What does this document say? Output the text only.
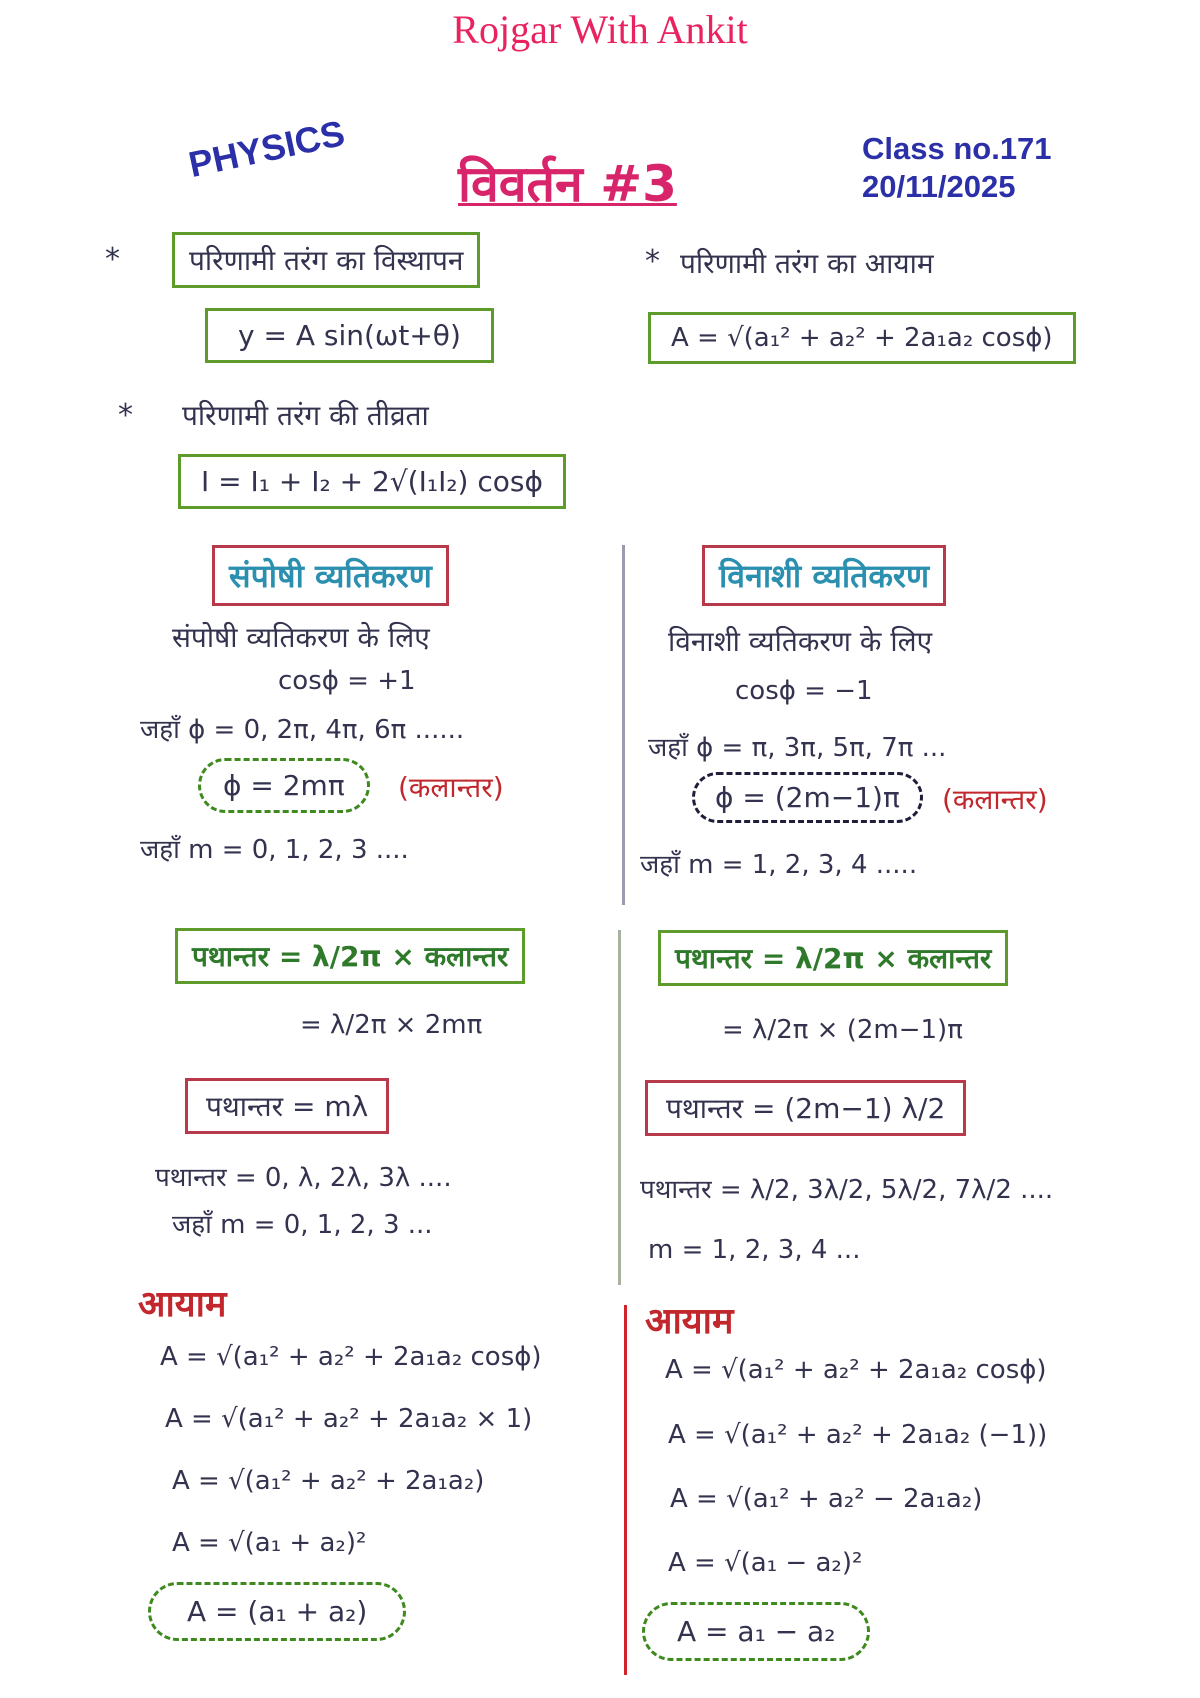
Rojgar With Ankit
PHYSICS विवर्तन #3
Class no.171
20/11/2025
*	परिणामी तरंग का विस्थापन
y = A sin(ωt+θ)
* परिणामी तरंग का आयाम
A = √(a₁² + a₂² + 2a₁a₂ cosϕ)
* परिणामी तरंग की तीव्रता
I = I₁ + I₂ + 2√(I₁I₂) cosϕ
संपोषी व्यतिकरण
संपोषी व्यतिकरण के लिए
cosϕ = +1
जहाँ ϕ = 0, 2π, 4π, 6π ......
ϕ = 2mπ	(कलान्तर)
जहाँ m = 0, 1, 2, 3 ....
पथान्तर = λ/2π × कलान्तर
= λ/2π × 2mπ
पथान्तर = mλ
पथान्तर = 0, λ, 2λ, 3λ ....
जहाँ m = 0, 1, 2, 3 ...
आयाम
A = √(a₁² + a₂² + 2a₁a₂ cosϕ)
A = √(a₁² + a₂² + 2a₁a₂ × 1)
A = √(a₁² + a₂² + 2a₁a₂)
A = √(a₁ + a₂)²
A = (a₁ + a₂)
विनाशी व्यतिकरण
विनाशी व्यतिकरण के लिए
cosϕ = −1
जहाँ ϕ = π, 3π, 5π, 7π ...
ϕ = (2m−1)π	(कलान्तर)
जहाँ m = 1, 2, 3, 4 .....
पथान्तर = λ/2π × कलान्तर
= λ/2π × (2m−1)π
पथान्तर = (2m−1) λ/2
पथान्तर = λ/2, 3λ/2, 5λ/2, 7λ/2 ....
m = 1, 2, 3, 4 ...
आयाम
A = √(a₁² + a₂² + 2a₁a₂ cosϕ)
A = √(a₁² + a₂² + 2a₁a₂ (−1))
A = √(a₁² + a₂² − 2a₁a₂)
A = √(a₁ − a₂)²
A = a₁ − a₂
